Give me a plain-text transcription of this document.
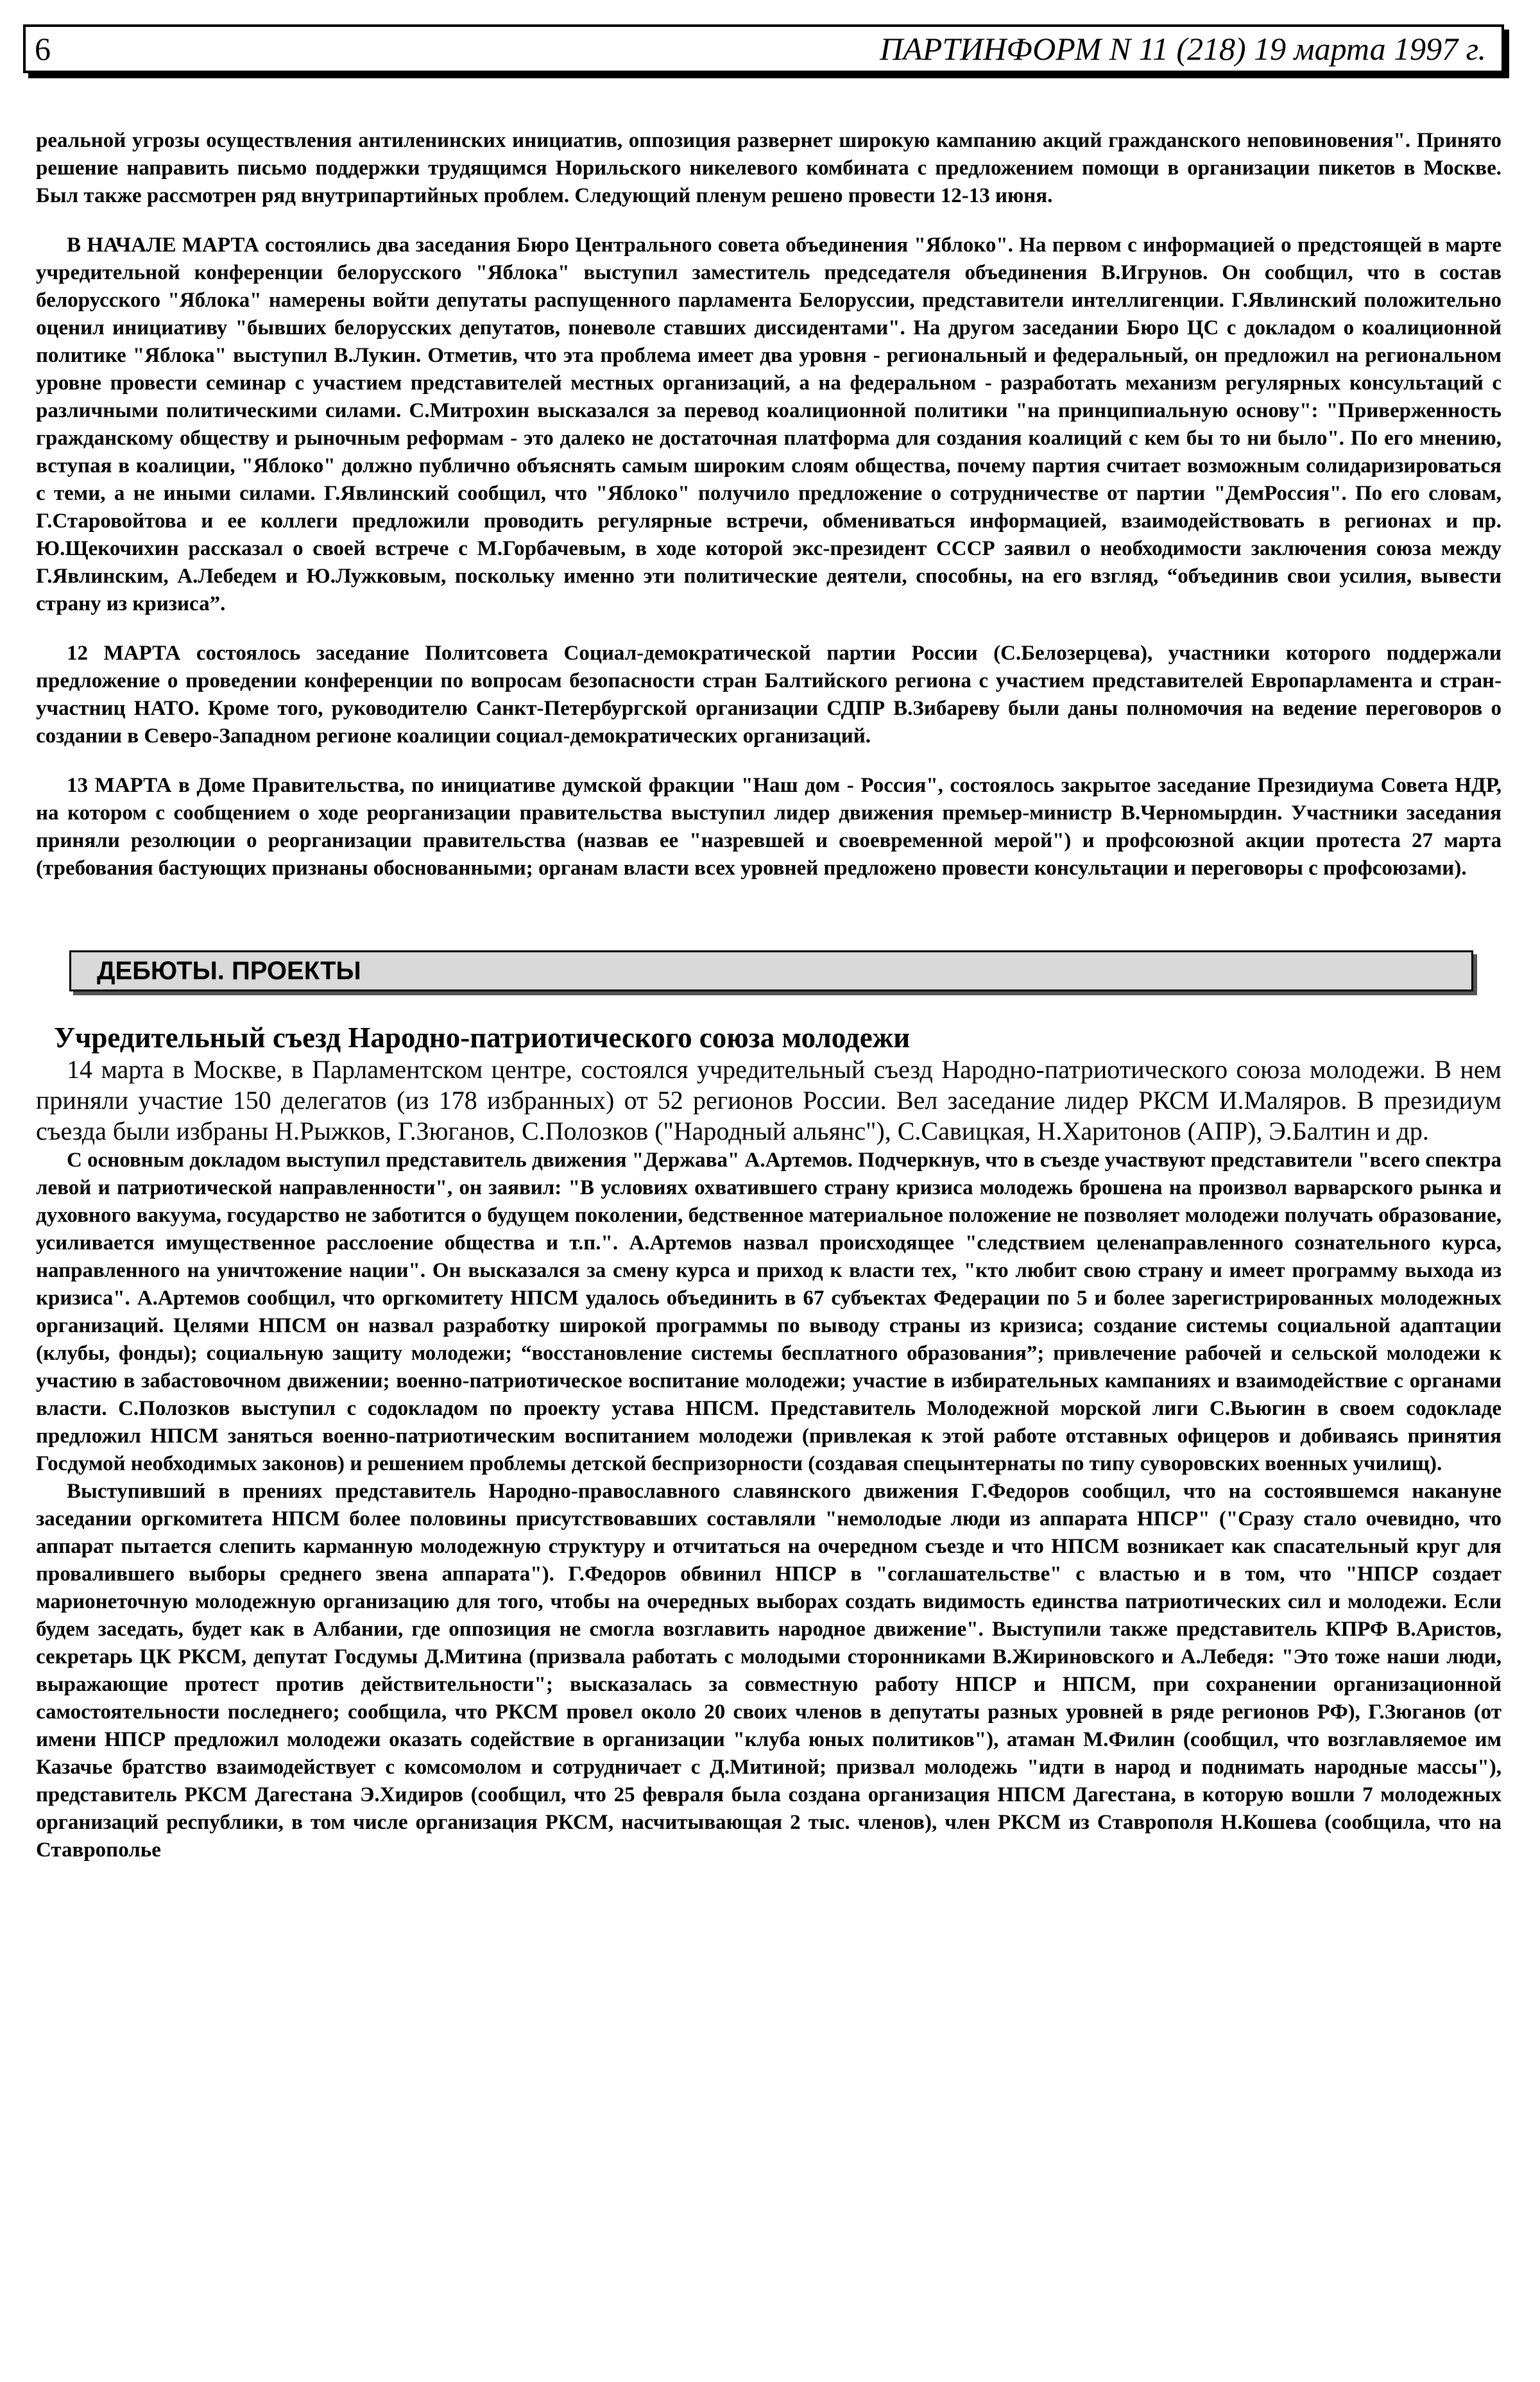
6	ПАРТИНФОРМ N 11 (218) 19 марта 1997 г.

реальной угрозы осуществления антиленинских инициатив, оппозиция развернет широкую кампанию акций гражданского неповиновения". Принято решение направить письмо поддержки трудящимся Норильского никелевого комбината с предложением помощи в организации пикетов в Москве. Был также рассмотрен ряд внутрипартийных проблем. Следующий пленум решено провести 12-13 июня.

В НАЧАЛЕ МАРТА состоялись два заседания Бюро Центрального совета объединения "Яблоко". На первом с информацией о предстоящей в марте учредительной конференции белорусского "Яблока" выступил заместитель председателя объединения В.Игрунов. Он сообщил, что в состав белорусского "Яблока" намерены войти депутаты распущенного парламента Белоруссии, представители интеллигенции. Г.Явлинский положительно оценил инициативу "бывших белорусских депутатов, поневоле ставших диссидентами". На другом заседании Бюро ЦС с докладом о коалиционной политике "Яблока" выступил В.Лукин. Отметив, что эта проблема имеет два уровня - региональный и федеральный, он предложил на региональном уровне провести семинар с участием представителей местных организаций, а на федеральном - разработать механизм регулярных консультаций с различными политическими силами. С.Митрохин высказался за перевод коалиционной политики "на принципиальную основу": "Приверженность гражданскому обществу и рыночным реформам - это далеко не достаточная платформа для создания коалиций с кем бы то ни было". По его мнению, вступая в коалиции, "Яблоко" должно публично объяснять самым широким слоям общества, почему партия считает возможным солидаризироваться с теми, а не иными силами. Г.Явлинский сообщил, что "Яблоко" получило предложение о сотрудничестве от партии "ДемРоссия". По его словам, Г.Старовойтова и ее коллеги предложили проводить регулярные встречи, обмениваться информацией, взаимодействовать в регионах и пр. Ю.Щекочихин рассказал о своей встрече с М.Горбачевым, в ходе которой экс-президент СССР заявил о необходимости заключения союза между Г.Явлинским, А.Лебедем и Ю.Лужковым, поскольку именно эти политические деятели, способны, на его взгляд, “объединив свои усилия, вывести страну из кризиса”.

12 МАРТА состоялось заседание Политсовета Социал-демократической партии России (С.Белозерцева), участники которого поддержали предложение о проведении конференции по вопросам безопасности стран Балтийского региона с участием представителей Европарламента и стран-участниц НАТО. Кроме того, руководителю Санкт-Петербургской организации СДПР В.Зибареву были даны полномочия на ведение переговоров о создании в Северо-Западном регионе коалиции социал-демократических организаций.

13 МАРТА в Доме Правительства, по инициативе думской фракции "Наш дом - Россия", состоялось закрытое заседание Президиума Совета НДР, на котором с сообщением о ходе реорганизации правительства выступил лидер движения премьер-министр В.Черномырдин. Участники заседания приняли резолюции о реорганизации правительства (назвав ее "назревшей и своевременной мерой") и профсоюзной акции протеста 27 марта (требования бастующих признаны обоснованными; органам власти всех уровней предложено провести консультации и переговоры с профсоюзами).

ДЕБЮТЫ. ПРОЕКТЫ
Учредительный съезд Народно-патриотического союза молодежи

14 марта в Москве, в Парламентском центре, состоялся учредительный съезд Народно-патриотического союза молодежи. В нем приняли участие 150 делегатов (из 178 избранных) от 52 регионов России. Вел заседание лидер РКСМ И.Маляров. В президиум съезда были избраны Н.Рыжков, Г.Зюганов, С.Полозков ("Народный альянс"), С.Савицкая, Н.Харитонов (АПР), Э.Балтин и др.

С основным докладом выступил представитель движения "Держава" А.Артемов. Подчеркнув, что в съезде участвуют представители "всего спектра левой и патриотической направленности", он заявил: "В условиях охватившего страну кризиса молодежь брошена на произвол варварского рынка и духовного вакуума, государство не заботится о будущем поколении, бедственное материальное положение не позволяет молодежи получать образование, усиливается имущественное расслоение общества и т.п.". А.Артемов назвал происходящее "следствием целенаправленного сознательного курса, направленного на уничтожение нации". Он высказался за смену курса и приход к власти тех, "кто любит свою страну и имеет программу выхода из кризиса". А.Артемов сообщил, что оргкомитету НПСМ удалось объединить в 67 субъектах Федерации по 5 и более зарегистрированных молодежных организаций. Целями НПСМ он назвал разработку широкой программы по выводу страны из кризиса; создание системы социальной адаптации (клубы, фонды); социальную защиту молодежи; “восстановление системы бесплатного образования”; привлечение рабочей и сельской молодежи к участию в забастовочном движении; военно-патриотическое воспитание молодежи; участие в избирательных кампаниях и взаимодействие с органами власти. С.Полозков выступил с содокладом по проекту устава НПСМ. Представитель Молодежной морской лиги С.Вьюгин в своем содокладе предложил НПСМ заняться военно-патриотическим воспитанием молодежи (привлекая к этой работе отставных офицеров и добиваясь принятия Госдумой необходимых законов) и решением проблемы детской беспризорности (создавая спецынтернаты по типу суворовских военных училищ).

Выступивший в прениях представитель Народно-православного славянского движения Г.Федоров сообщил, что на состоявшемся накануне заседании оргкомитета НПСМ более половины присутствовавших составляли "немолодые люди из аппарата НПСР" ("Сразу стало очевидно, что аппарат пытается слепить карманную молодежную структуру и отчитаться на очередном съезде и что НПСМ возникает как спасательный круг для провалившего выборы среднего звена аппарата"). Г.Федоров обвинил НПСР в "соглашательстве" с властью и в том, что "НПСР создает марионеточную молодежную организацию для того, чтобы на очередных выборах создать видимость единства патриотических сил и молодежи. Если будем заседать, будет как в Албании, где оппозиция не смогла возглавить народное движение". Выступили также представитель КПРФ В.Аристов, секретарь ЦК РКСМ, депутат Госдумы Д.Митина (призвала работать с молодыми сторонниками В.Жириновского и А.Лебедя: "Это тоже наши люди, выражающие протест против действительности"; высказалась за совместную работу НПСР и НПСМ, при сохранении организационной самостоятельности последнего; сообщила, что РКСМ провел около 20 своих членов в депутаты разных уровней в ряде регионов РФ), Г.Зюганов (от имени НПСР предложил молодежи оказать содействие в организации "клуба юных политиков"), атаман М.Филин (сообщил, что возглавляемое им Казачье братство взаимодействует с комсомолом и сотрудничает с Д.Митиной; призвал молодежь "идти в народ и поднимать народные массы"), представитель РКСМ Дагестана Э.Хидиров (сообщил, что 25 февраля была создана организация НПСМ Дагестана, в которую вошли 7 молодежных организаций республики, в том числе организация РКСМ, насчитывающая 2 тыс. членов), член РКСМ из Ставрополя Н.Кошева (сообщила, что на Ставрополье
